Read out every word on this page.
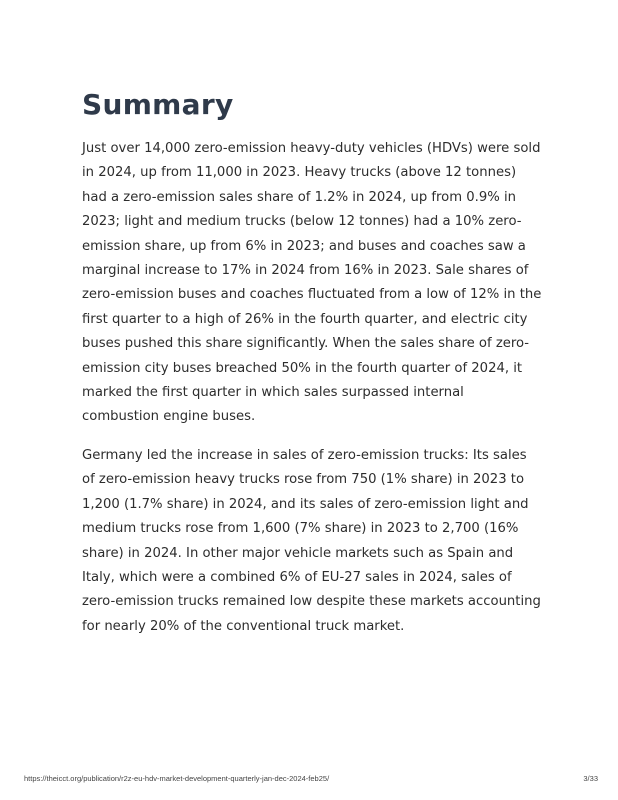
Summary

Just over 14,000 zero-emission heavy-duty vehicles (HDVs) were sold in 2024, up from 11,000 in 2023. Heavy trucks (above 12 tonnes) had a zero-emission sales share of 1.2% in 2024, up from 0.9% in 2023; light and medium trucks (below 12 tonnes) had a 10% zero-emission share, up from 6% in 2023; and buses and coaches saw a marginal increase to 17% in 2024 from 16% in 2023. Sale shares of zero-emission buses and coaches fluctuated from a low of 12% in the first quarter to a high of 26% in the fourth quarter, and electric city buses pushed this share significantly. When the sales share of zero-emission city buses breached 50% in the fourth quarter of 2024, it marked the first quarter in which sales surpassed internal combustion engine buses.

Germany led the increase in sales of zero-emission trucks: Its sales of zero-emission heavy trucks rose from 750 (1% share) in 2023 to 1,200 (1.7% share) in 2024, and its sales of zero-emission light and medium trucks rose from 1,600 (7% share) in 2023 to 2,700 (16% share) in 2024. In other major vehicle markets such as Spain and Italy, which were a combined 6% of EU-27 sales in 2024, sales of zero-emission trucks remained low despite these markets accounting for nearly 20% of the conventional truck market.

https://theicct.org/publication/r2z-eu-hdv-market-development-quarterly-jan-dec-2024-feb25/	3/33
